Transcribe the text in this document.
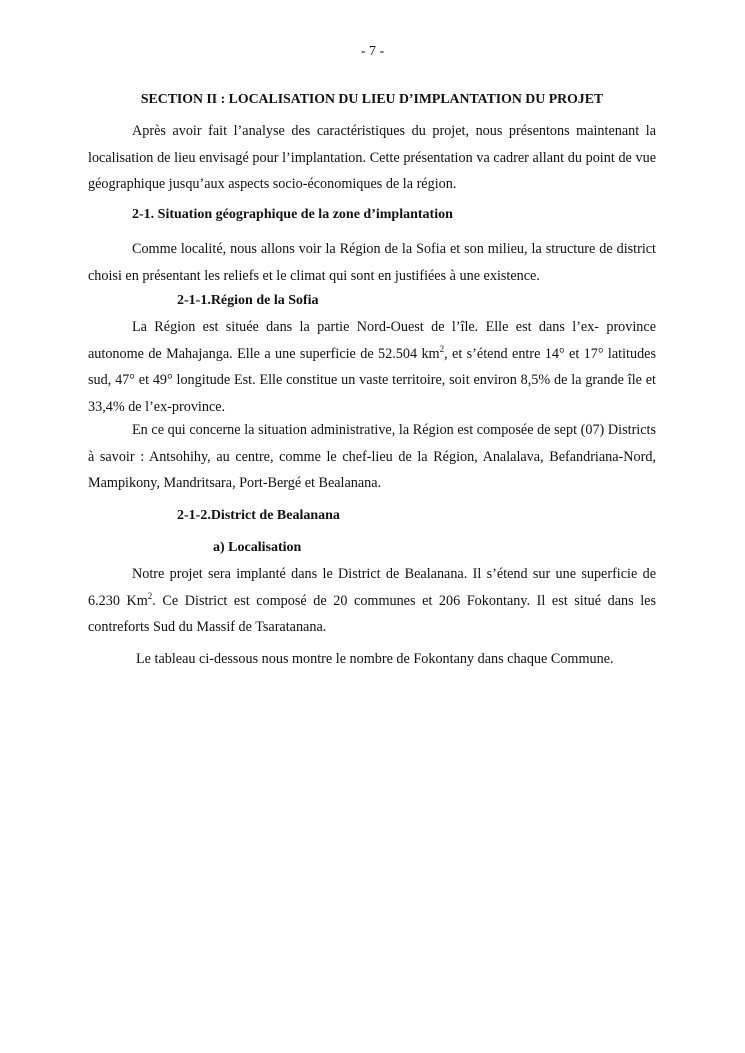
- 7 -
SECTION II : LOCALISATION DU LIEU D’IMPLANTATION DU PROJET

Après avoir fait l’analyse des caractéristiques du projet, nous présentons maintenant la localisation de lieu envisagé pour l’implantation. Cette présentation va cadrer allant du point de vue géographique jusqu’aux aspects socio-économiques de la région.

2-1. Situation géographique de la zone d’implantation

Comme localité, nous allons voir la Région de la Sofia et son milieu, la structure de district choisi en présentant les reliefs et le climat qui sont en justifiées à une existence.

2-1-1.Région de la Sofia

La Région est située dans la partie Nord-Ouest de l’île. Elle est dans l’ex- province autonome de Mahajanga. Elle a une superficie de 52.504 $km^2$, et s’étend entre 14° et 17° latitudes sud, 47° et 49° longitude Est. Elle constitue un vaste territoire, soit environ 8,5% de la grande île et 33,4% de l’ex-province.

En ce qui concerne la situation administrative, la Région est composée de sept (07) Districts à savoir : Antsohihy, au centre, comme le chef-lieu de la Région, Analalava, Befandriana-Nord, Mampikony, Mandritsara, Port-Bergé et Bealanana.

2-1-2.District de Bealanana
a) Localisation

Notre projet sera implanté dans le District de Bealanana. Il s’étend sur une superficie de 6.230 Km$^2$. Ce District est composé de 20 communes et 206 Fokontany. Il est situé dans les contreforts Sud du Massif de Tsaratanana.

Le tableau ci-dessous nous montre le nombre de Fokontany dans chaque Commune.
